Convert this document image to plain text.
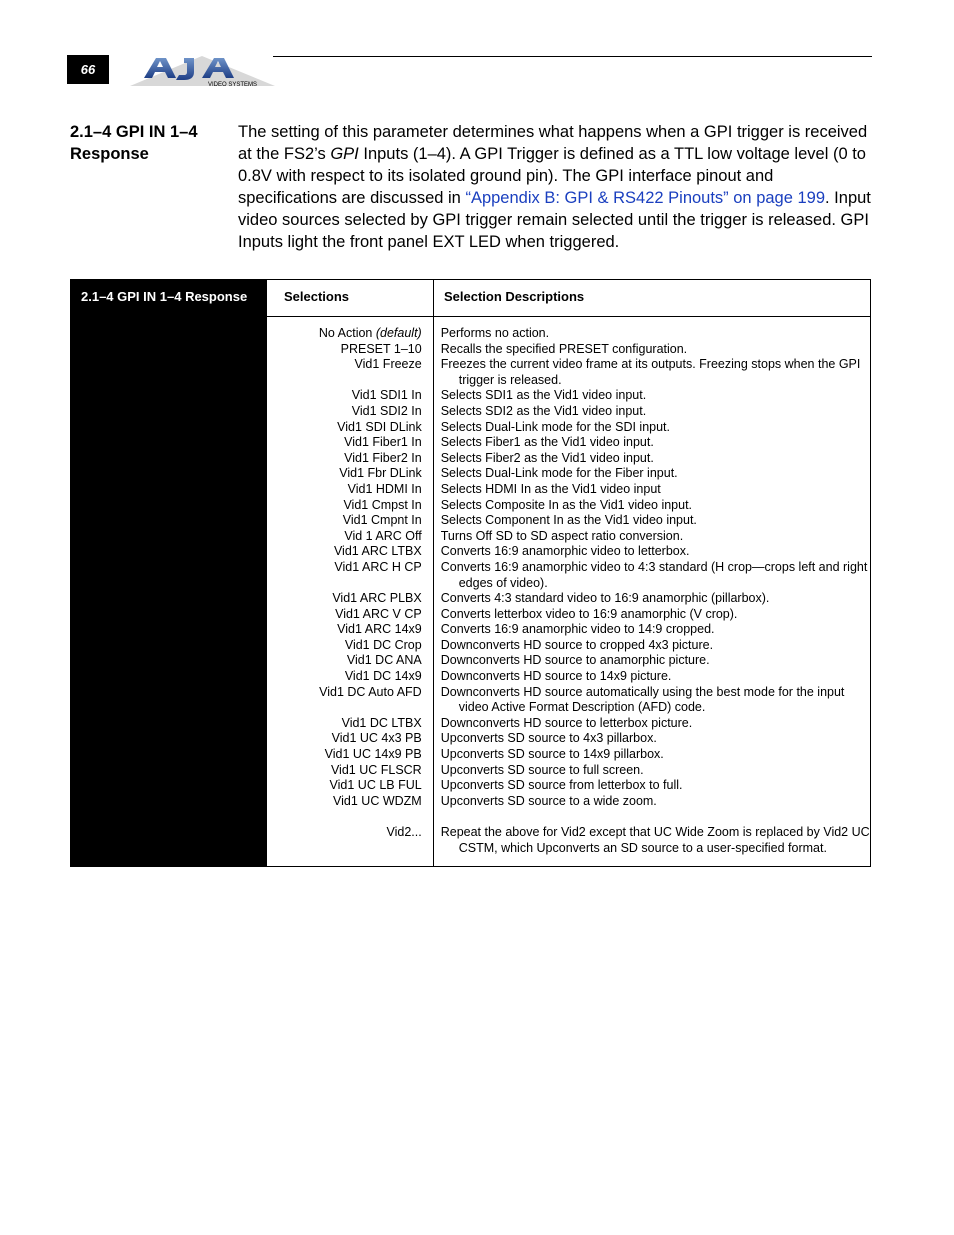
66
VIDEO SYSTEMS
2.1–4 GPI IN 1–4 Response
The setting of this parameter determines what happens when a GPI trigger is received at the FS2’s GPI Inputs (1–4). A GPI Trigger is defined as a TTL low voltage level (0 to 0.8V with respect to its isolated ground pin). The GPI interface pinout and specifications are discussed in “Appendix B: GPI & RS422 Pinouts” on page 199. Input video sources selected by GPI trigger remain selected until the trigger is released. GPI Inputs light the front panel EXT LED when triggered.
2.1–4 GPI IN 1–4 Response	Selections	Selection Descriptions
No Action (default) Performs no action.
PRESET 1–10 Recalls the specified PRESET configuration.
Vid1 Freeze Freezes the current video frame at its outputs. Freezing stops when the GPI trigger is released.
Vid1 SDI1 In Selects SDI1 as the Vid1 video input.
Vid1 SDI2 In Selects SDI2 as the Vid1 video input.
Vid1 SDI DLink Selects Dual-Link mode for the SDI input.
Vid1 Fiber1 In Selects Fiber1 as the Vid1 video input.
Vid1 Fiber2 In Selects Fiber2 as the Vid1 video input.
Vid1 Fbr DLink Selects Dual-Link mode for the Fiber input.
Vid1 HDMI In Selects HDMI In as the Vid1 video input
Vid1 Cmpst In Selects Composite In as the Vid1 video input.
Vid1 Cmpnt In Selects Component In as the Vid1 video input.
Vid 1 ARC Off Turns Off SD to SD aspect ratio conversion.
Vid1 ARC LTBX Converts 16:9 anamorphic video to letterbox.
Vid1 ARC H CP Converts 16:9 anamorphic video to 4:3 standard (H crop—crops left and right edges of video).
Vid1 ARC PLBX Converts 4:3 standard video to 16:9 anamorphic (pillarbox).
Vid1 ARC V CP Converts letterbox video to 16:9 anamorphic (V crop).
Vid1 ARC 14x9 Converts 16:9 anamorphic video to 14:9 cropped.
Vid1 DC Crop Downconverts HD source to cropped 4x3 picture.
Vid1 DC ANA Downconverts HD source to anamorphic picture.
Vid1 DC 14x9 Downconverts HD source to 14x9 picture.
Vid1 DC Auto AFD Downconverts HD source automatically using the best mode for the input video Active Format Description (AFD) code.
Vid1 DC LTBX Downconverts HD source to letterbox picture.
Vid1 UC 4x3 PB Upconverts SD source to 4x3 pillarbox.
Vid1 UC 14x9 PB Upconverts SD source to 14x9 pillarbox.
Vid1 UC FLSCR Upconverts SD source to full screen.
Vid1 UC LB FUL Upconverts SD source from letterbox to full.
Vid1 UC WDZM Upconverts SD source to a wide zoom.
Vid2... Repeat the above for Vid2 except that UC Wide Zoom is replaced by Vid2 UC CSTM, which Upconverts an SD source to a user-specified format.
